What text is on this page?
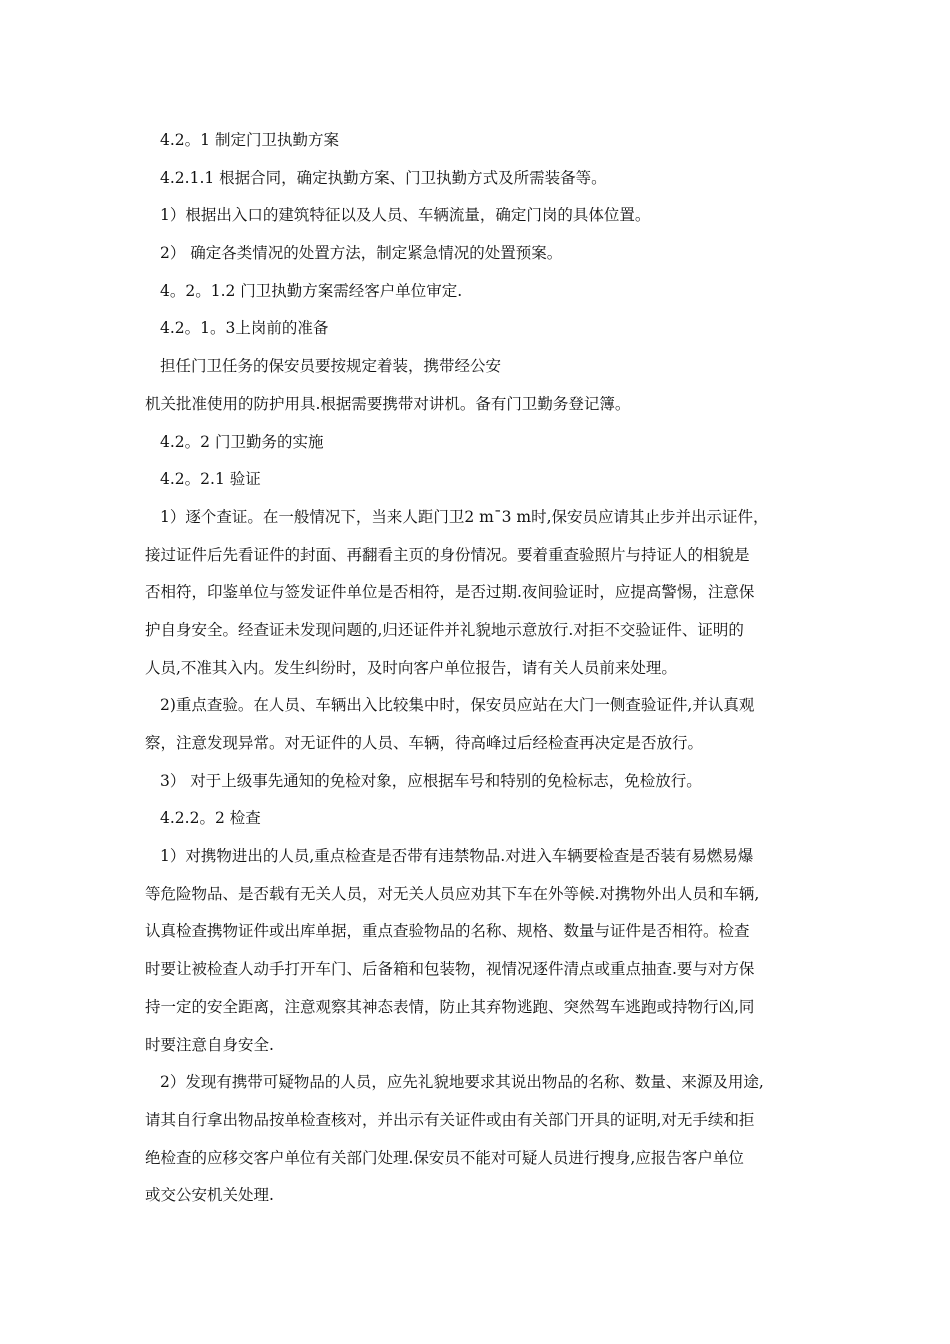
4.2。1 制定门卫执勤方案
4.2.1.1 根据合同，确定执勤方案、门卫执勤方式及所需装备等。
1）根据出入口的建筑特征以及人员、车辆流量，确定门岗的具体位置。
2） 确定各类情况的处置方法，制定紧急情况的处置预案。
4。2。1.2 门卫执勤方案需经客户单位审定.
4.2。1。3上岗前的准备
担任门卫任务的保安员要按规定着装，携带经公安
机关批准使用的防护用具.根据需要携带对讲机。备有门卫勤务登记簿。
4.2。2 门卫勤务的实施
4.2。2.1 验证
1）逐个查证。在一般情况下，当来人距门卫2 m¯3 m时,保安员应请其止步并出示证件，
接过证件后先看证件的封面、再翻看主页的身份情况。要着重查验照片与持证人的相貌是
否相符，印鉴单位与签发证件单位是否相符，是否过期.夜间验证时，应提高警惕，注意保
护自身安全。经查证未发现问题的,归还证件并礼貌地示意放行.对拒不交验证件、证明的
人员,不准其入内。发生纠纷时，及时向客户单位报告，请有关人员前来处理。
2)重点查验。在人员、车辆出入比较集中时，保安员应站在大门一侧查验证件,并认真观
察，注意发现异常。对无证件的人员、车辆，待高峰过后经检查再决定是否放行。
3） 对于上级事先通知的免检对象，应根据车号和特别的免检标志，免检放行。
4.2.2。2 检查
1）对携物进出的人员,重点检查是否带有违禁物品.对进入车辆要检查是否装有易燃易爆
等危险物品、是否载有无关人员，对无关人员应劝其下车在外等候.对携物外出人员和车辆,
认真检查携物证件或出库单据，重点查验物品的名称、规格、数量与证件是否相符。检查
时要让被检查人动手打开车门、后备箱和包装物，视情况逐件清点或重点抽查.要与对方保
持一定的安全距离，注意观察其神态表情，防止其弃物逃跑、突然驾车逃跑或持物行凶,同
时要注意自身安全.
2）发现有携带可疑物品的人员，应先礼貌地要求其说出物品的名称、数量、来源及用途,
请其自行拿出物品按单检查核对，并出示有关证件或由有关部门开具的证明,对无手续和拒
绝检查的应移交客户单位有关部门处理.保安员不能对可疑人员进行搜身,应报告客户单位
或交公安机关处理.
